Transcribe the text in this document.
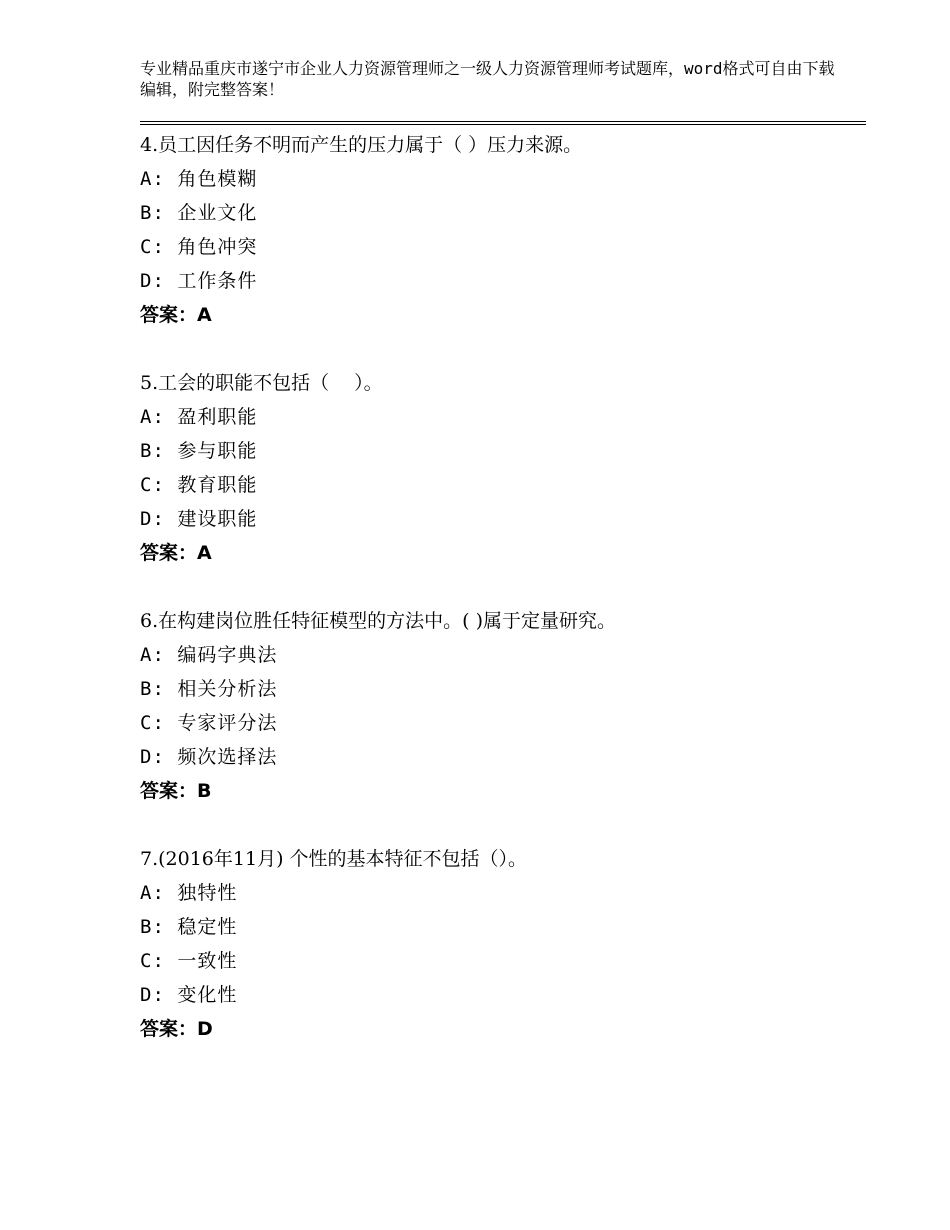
专业精品重庆市遂宁市企业人力资源管理师之一级人力资源管理师考试题库，word格式可自由下载编辑，附完整答案！
4.员工因任务不明而产生的压力属于（ ）压力来源。
A: 角色模糊
B: 企业文化
C: 角色冲突
D: 工作条件
答案：A
5.工会的职能不包括（　 ）。
A: 盈利职能
B: 参与职能
C: 教育职能
D: 建设职能
答案：A
6.在构建岗位胜任特征模型的方法中。( )属于定量研究。
A: 编码字典法
B: 相关分析法
C: 专家评分法
D: 频次选择法
答案：B
7.(2016年11月) 个性的基本特征不包括（）。
A: 独特性
B: 稳定性
C: 一致性
D: 变化性
答案：D
